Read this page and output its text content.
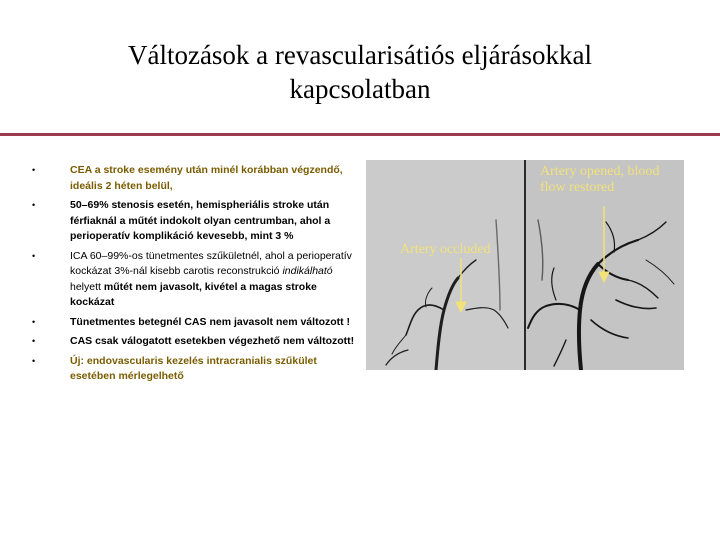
Változások a revascularisátiós eljárásokkal
kapcsolatban
•	CEA a stroke esemény után minél korábban végzendő, ideális 2 héten belül,
•	50–69% stenosis esetén, hemispheriális stroke után férfiaknál a műtét indokolt olyan centrumban, ahol a perioperatív komplikáció kevesebb, mint 3 %
•	ICA 60–99%-os tünetmentes szűkületnél, ahol a perioperatív kockázat 3%-nál kisebb carotis reconstrukció indikálható helyett műtét nem javasolt, kivétel a magas stroke kockázat
•	Tünetmentes betegnél CAS nem javasolt nem változott !
•	CAS csak válogatott esetekben végezhető nem változott!
•	Új: endovascularis kezelés intracranialis szűkület esetében mérlegelhető
Artery occluded
Artery opened, blood
flow restored
